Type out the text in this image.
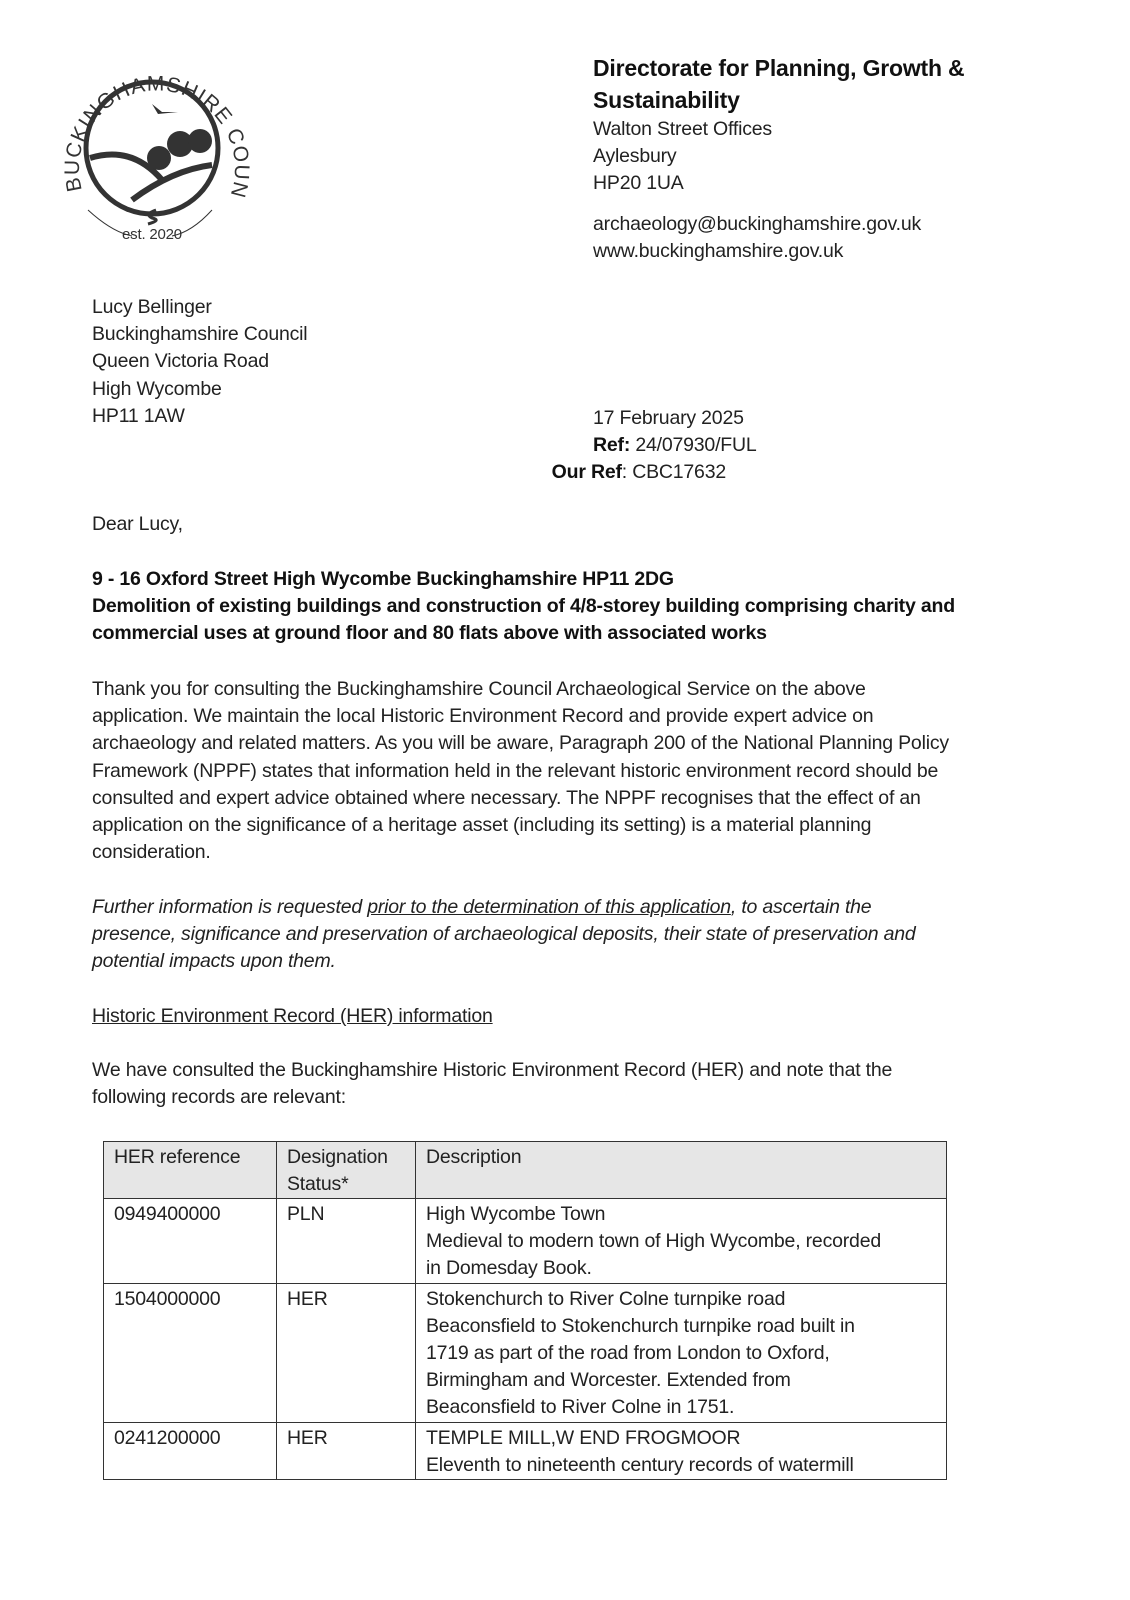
BUCKINGHAMSHIRE COUN
est. 2020
Directorate for Planning, Growth &
Sustainability
Walton Street Offices
Aylesbury
HP20 1UA
archaeology@buckinghamshire.gov.uk
www.buckinghamshire.gov.uk
Lucy Bellinger
Buckinghamshire Council
Queen Victoria Road
High Wycombe
HP11 1AW	17 February 2025
Ref: 24/07930/FUL
Our Ref: CBC17632
Dear Lucy,
9 - 16 Oxford Street High Wycombe Buckinghamshire HP11 2DG
Demolition of existing buildings and construction of 4/8-storey building comprising charity and
commercial uses at ground floor and 80 flats above with associated works
Thank you for consulting the Buckinghamshire Council Archaeological Service on the above
application. We maintain the local Historic Environment Record and provide expert advice on
archaeology and related matters. As you will be aware, Paragraph 200 of the National Planning Policy
Framework (NPPF) states that information held in the relevant historic environment record should be
consulted and expert advice obtained where necessary. The NPPF recognises that the effect of an
application on the significance of a heritage asset (including its setting) is a material planning
consideration.
Further information is requested prior to the determination of this application, to ascertain the
presence, significance and preservation of archaeological deposits, their state of preservation and
potential impacts upon them.
Historic Environment Record (HER) information
We have consulted the Buckinghamshire Historic Environment Record (HER) and note that the
following records are relevant:
HER reference	Designation Status*	Description
0949400000	PLN	High Wycombe Town
Medieval to modern town of High Wycombe, recorded
in Domesday Book.

1504000000	HER	Stokenchurch to River Colne turnpike road
Beaconsfield to Stokenchurch turnpike road built in
1719 as part of the road from London to Oxford,
Birmingham and Worcester. Extended from
Beaconsfield to River Colne in 1751.

0241200000	HER	TEMPLE MILL,W END FROGMOOR
Eleventh to nineteenth century records of watermill
